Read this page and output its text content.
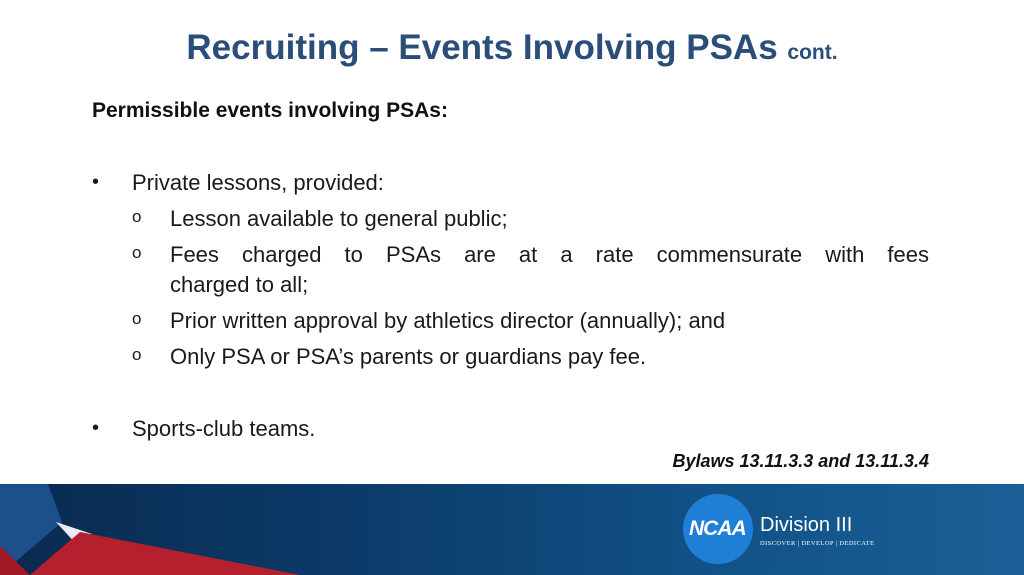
Recruiting – Events Involving PSAs cont.
Permissible events involving PSAs:
• Private lessons, provided:
o Lesson available to general public;
o Fees charged to PSAs are at a rate commensurate with fees
charged to all;
o Prior written approval by athletics director (annually); and
o Only PSA or PSA’s parents or guardians pay fee.
• Sports-club teams.
Bylaws 13.11.3.3 and 13.11.3.4
NCAA Division III
DISCOVER | DEVELOP | DEDICATE
